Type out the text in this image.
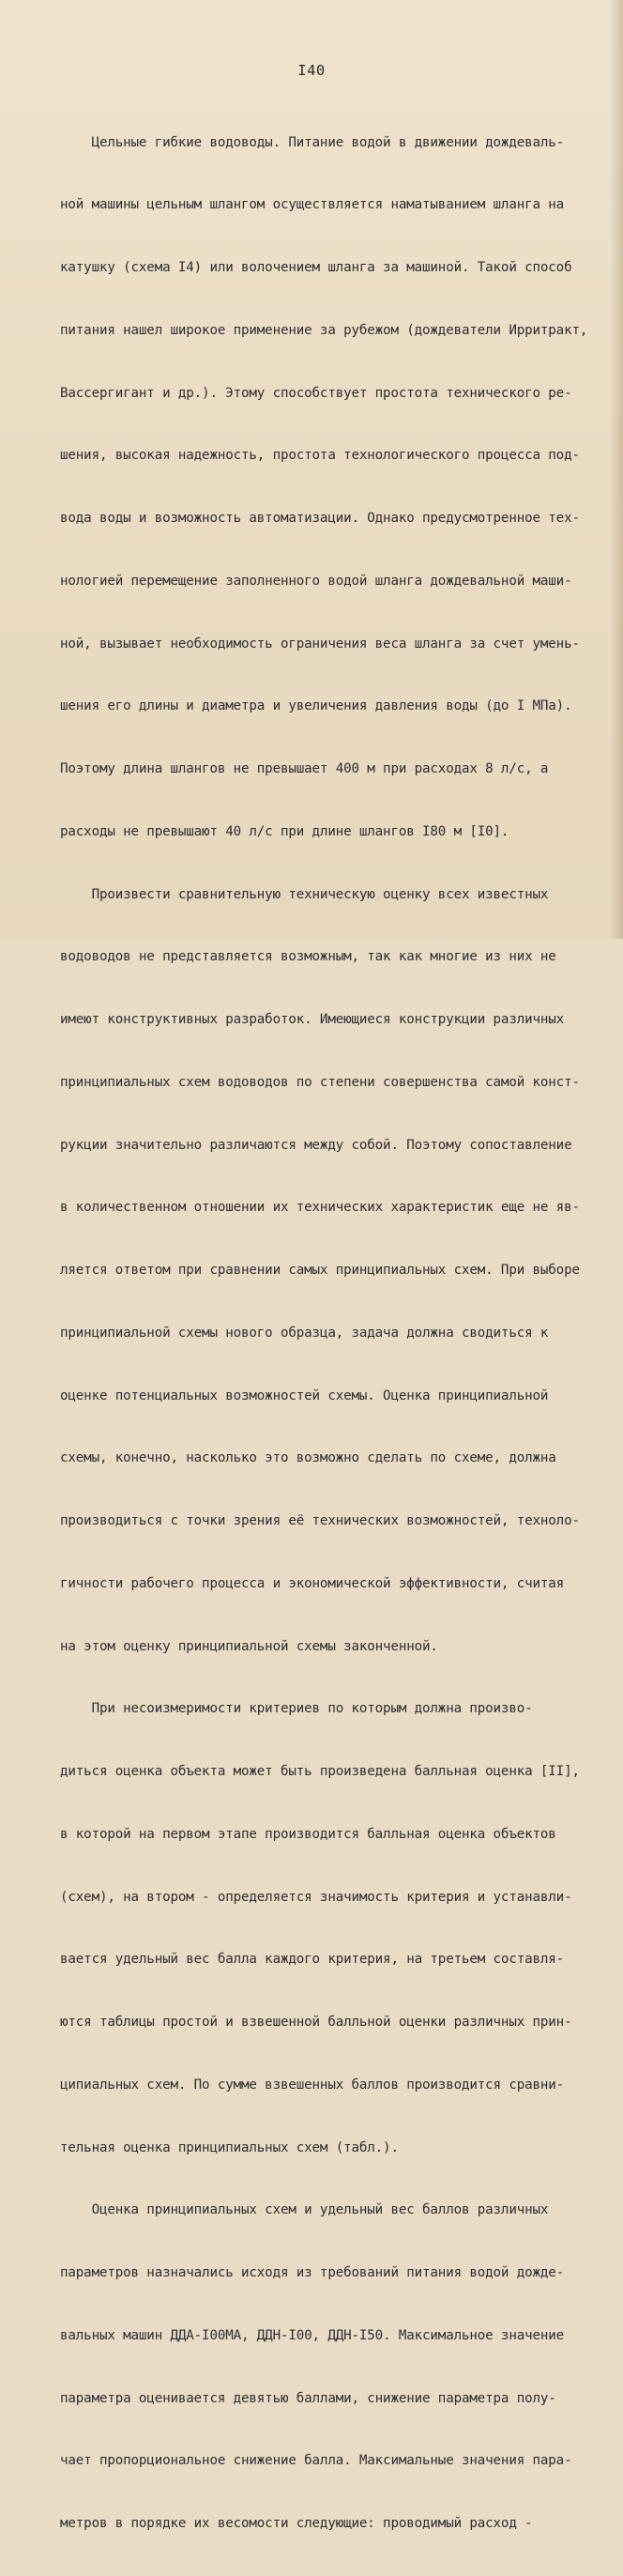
I40

Цельные гибкие водоводы. Питание водой в движении дождеваль-

ной машины цельным шлангом осуществляется наматыванием шланга на

катушку (схема I4) или волочением шланга за машиной. Такой способ

питания нашел широкое применение за рубежом (дождеватели Ирритракт,

Вассергигант и др.). Этому способствует простота технического ре-

шения, высокая надежность, простота технологического процесса под-

вода воды и возможность автоматизации. Однако предусмотренное тех-

нологией перемещение заполненного водой шланга дождевальной маши-

ной, вызывает необходимость ограничения веса шланга за счет умень-

шения его длины и диаметра и увеличения давления воды (до I МПа).

Поэтому длина шлангов не превышает 400 м при расходах 8 л/с, а

расходы не превышают 40 л/с при длине шлангов I80 м [I0].

Произвести сравнительную техническую оценку всех известных

водоводов не представляется возможным, так как многие из них не

имеют конструктивных разработок. Имеющиеся конструкции различных

принципиальных схем водоводов по степени совершенства самой конст-

рукции значительно различаются между собой. Поэтому сопоставление

в количественном отношении их технических характеристик еще не яв-

ляется ответом при сравнении самых принципиальных схем. При выборе

принципиальной схемы нового образца, задача должна сводиться к

оценке потенциальных возможностей схемы. Оценка принципиальной

схемы, конечно, насколько это возможно сделать по схеме, должна

производиться с точки зрения её технических возможностей, техноло-

гичности рабочего процесса и экономической эффективности, считая

на этом оценку принципиальной схемы законченной.

При несоизмеримости критериев по которым должна произво-

диться оценка объекта может быть произведена балльная оценка [II],

в которой на первом этапе производится балльная оценка объектов

(схем), на втором - определяется значимость критерия и устанавли-

вается удельный вес балла каждого критерия, на третьем составля-

ются таблицы простой и взвешенной балльной оценки различных прин-

ципиальных схем. По сумме взвешенных баллов производится сравни-

тельная оценка принципиальных схем (табл.).

Оценка принципиальных схем и удельный вес баллов различных

параметров назначались исходя из требований питания водой дожде-

вальных машин ДДА-I00МА, ДДН-I00, ДДН-I50. Максимальное значение

параметра оценивается девятью баллами, снижение параметра полу-

чает пропорциональное снижение балла. Максимальные значения пара-

метров в порядке их весомости следующие: проводимый расход -
